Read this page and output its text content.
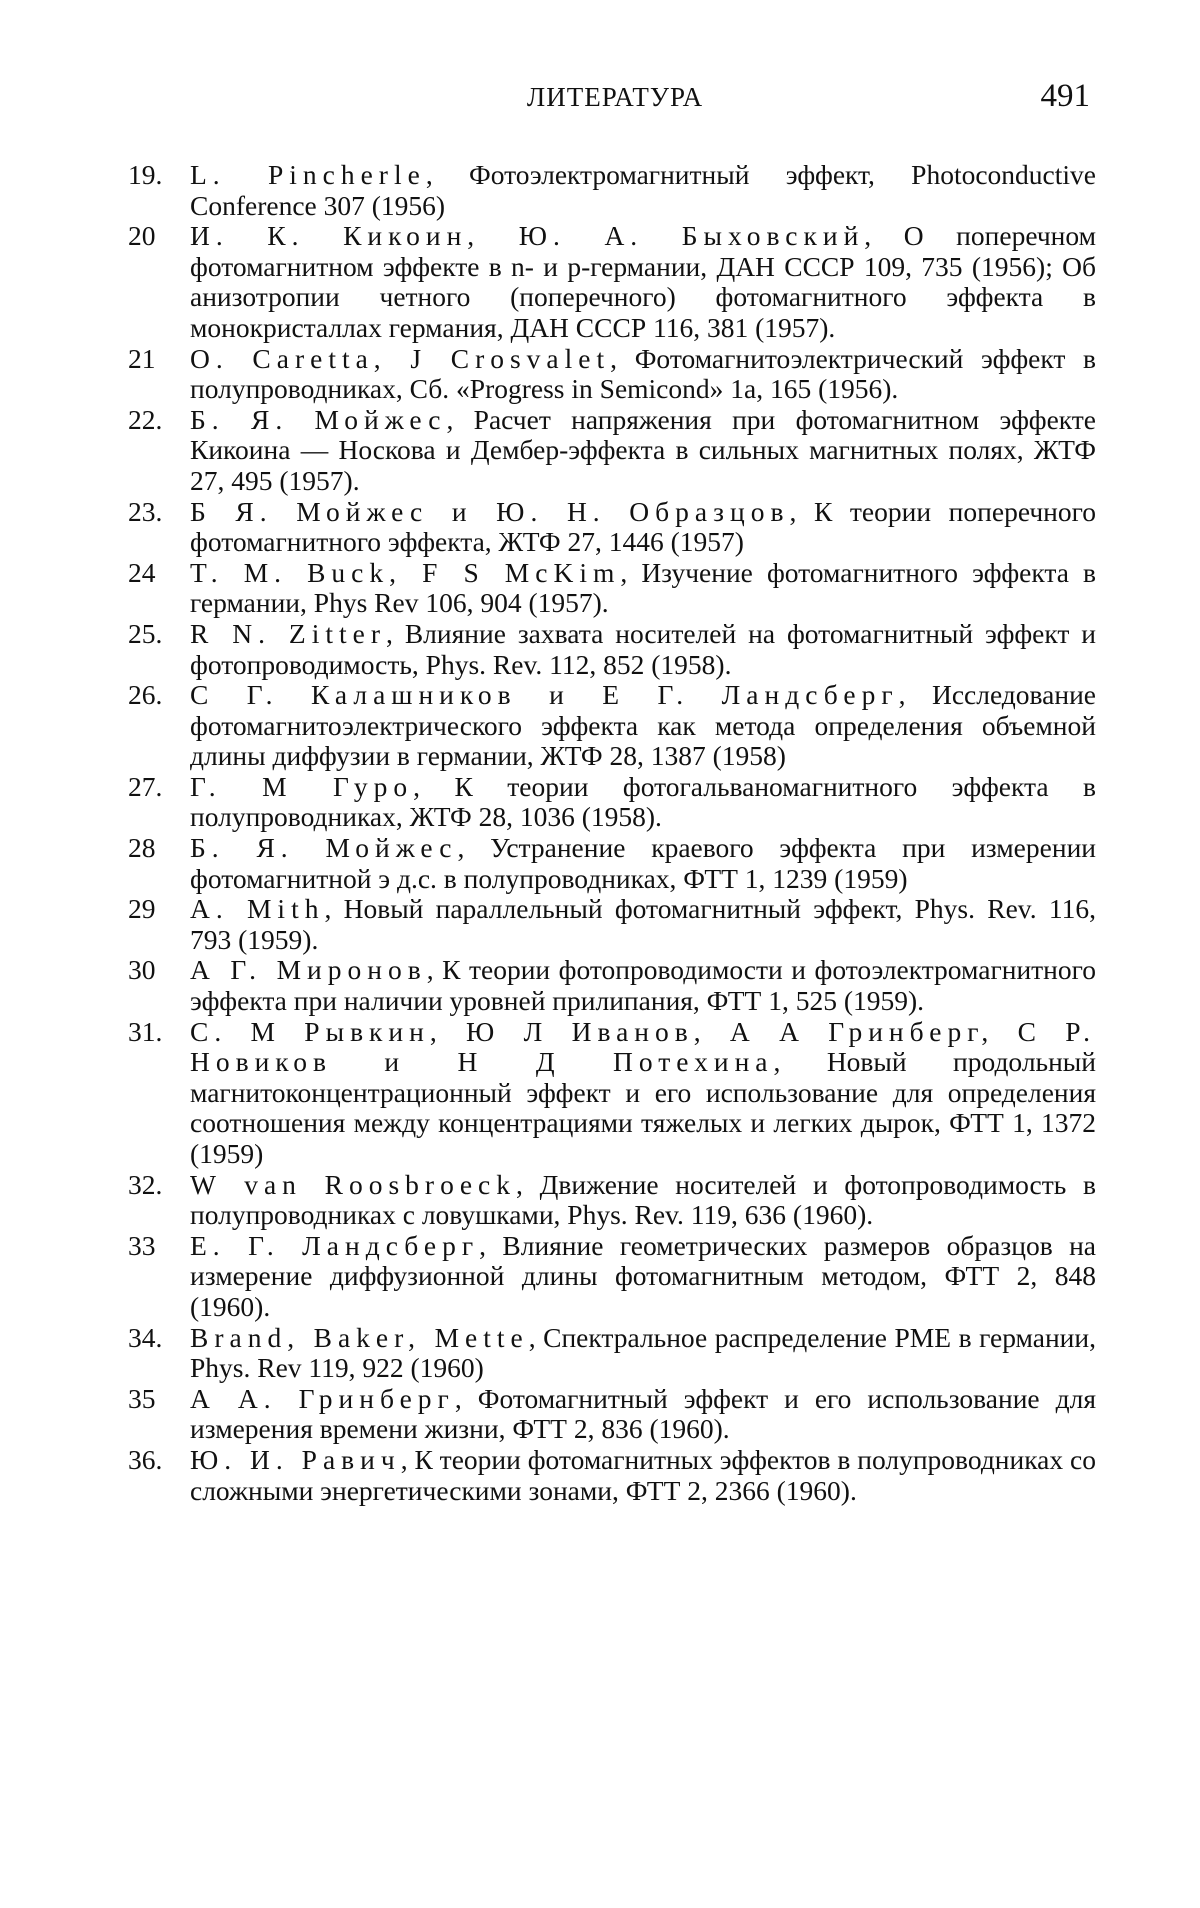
ЛИТЕРАТУРА	491

19.	L. Pincherle, Фотоэлектромагнитный эффект, Photoconductive Conference 307 (1956)

20	И. К. Кикоин, Ю. А. Быховский, О поперечном фотомагнитном эффекте в n- и p-германии, ДАН СССР 109, 735 (1956); Об анизотропии четного (поперечного) фотомагнитного эффекта в монокристаллах германия, ДАН СССР 116, 381 (1957).

21	O. Caretta, J Crosvalet, Фотомагнитоэлектрический эффект в полупроводниках, Сб. «Progress in Semicond» 1a, 165 (1956).

22.	Б. Я. Мойжес, Расчет напряжения при фотомагнитном эффекте Кикоина — Носкова и Дембер-эффекта в сильных магнитных полях, ЖТФ 27, 495 (1957).

23.	Б Я. Мойжес и Ю. Н. Образцов, К теории поперечного фотомагнитного эффекта, ЖТФ 27, 1446 (1957)

24	T. M. Buck, F S McKim, Изучение фотомагнитного эффекта в германии, Phys Rev 106, 904 (1957).

25.	R N. Zitter, Влияние захвата носителей на фотомагнитный эффект и фотопроводимость, Phys. Rev. 112, 852 (1958).

26.	С Г. Калашников и Е Г. Ландсберг, Исследование фотомагнитоэлектрического эффекта как метода определения объемной длины диффузии в германии, ЖТФ 28, 1387 (1958)

27.	Г. М Гуро, К теории фотогальваномагнитного эффекта в полупроводниках, ЖТФ 28, 1036 (1958).

28	Б. Я. Мойжес, Устранение краевого эффекта при измерении фотомагнитной э д.с. в полупроводниках, ФТТ 1, 1239 (1959)

29	A. Mith, Новый параллельный фотомагнитный эффект, Phys. Rev. 116, 793 (1959).

30	А Г. Миронов, К теории фотопроводимости и фотоэлектромагнитного эффекта при наличии уровней прилипания, ФТТ 1, 525 (1959).

31.	С. М Рывкин, Ю Л Иванов, А А Гринберг, С Р. Новиков и Н Д Потехина, Новый продольный магнитоконцентрационный эффект и его использование для определения соотношения между концентрациями тяжелых и легких дырок, ФТТ 1, 1372 (1959)

32.	W van Roosbroeck, Движение носителей и фотопроводимость в полупроводниках с ловушками, Phys. Rev. 119, 636 (1960).

33	Е. Г. Ландсберг, Влияние геометрических размеров образцов на измерение диффузионной длины фотомагнитным методом, ФТТ 2, 848 (1960).

34.	Brand, Baker, Mette, Спектральное распределение РМЕ в германии, Phys. Rev 119, 922 (1960)

35	А А. Гринберг, Фотомагнитный эффект и его использование для измерения времени жизни, ФТТ 2, 836 (1960).

36.	Ю. И. Равич, К теории фотомагнитных эффектов в полупроводниках со сложными энергетическими зонами, ФТТ 2, 2366 (1960).
